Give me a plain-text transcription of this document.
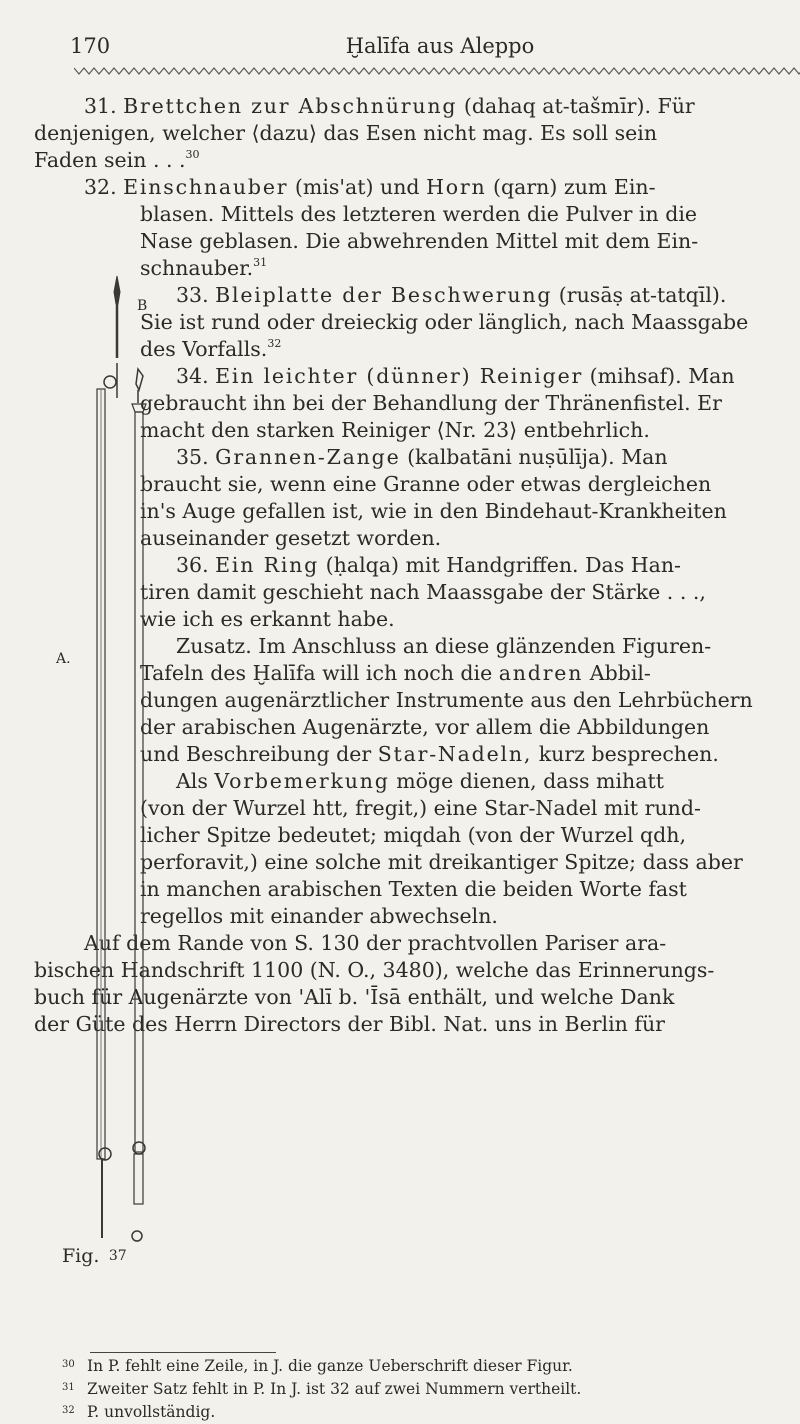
170	Ḫalīfa aus Aleppo

31. Brettchen zur Abschnürung (dahaq at-tašmīr). Für

denjenigen, welcher ⟨dazu⟩ das Esen nicht mag. Es soll sein

Faden sein . . .$^{30}$

32. Einschnauber (mis'at) und Horn (qarn) zum Ein-

blasen. Mittels des letzteren werden die Pulver in die

Nase geblasen. Die abwehrenden Mittel mit dem Ein-

schnauber.$^{31}$

33. Bleiplatte der Beschwerung (rusāṣ at-tatqīl).

Sie ist rund oder dreieckig oder länglich, nach Maassgabe

des Vorfalls.$^{32}$

34. Ein leichter (dünner) Reiniger (mihsaf). Man

gebraucht ihn bei der Behandlung der Thränenfistel. Er

macht den starken Reiniger ⟨Nr. 23⟩ entbehrlich.

35. Grannen-Zange (kalbatāni nuṣūlīja). Man

braucht sie, wenn eine Granne oder etwas dergleichen

in's Auge gefallen ist, wie in den Bindehaut-Krankheiten

auseinander gesetzt worden.

36. Ein Ring (ḥalqa) mit Handgriffen. Das Han-

tiren damit geschieht nach Maassgabe der Stärke . . .,

wie ich es erkannt habe.

Zusatz. Im Anschluss an diese glänzenden Figuren-

Tafeln des Ḫalīfa will ich noch die andren Abbil-

dungen augenärztlicher Instrumente aus den Lehrbüchern

der arabischen Augenärzte, vor allem die Abbildungen

und Beschreibung der Star-Nadeln, kurz besprechen.

Als Vorbemerkung möge dienen, dass mihatt

(von der Wurzel htt, fregit,) eine Star-Nadel mit rund-

licher Spitze bedeutet; miqdah (von der Wurzel qdh,

perforavit,) eine solche mit dreikantiger Spitze; dass aber

in manchen arabischen Texten die beiden Worte fast

regellos mit einander abwechseln.

Auf dem Rande von S. 130 der prachtvollen Pariser ara-

bischen Handschrift 1100 (N. O., 3480), welche das Erinnerungs-

buch für Augenärzte von 'Alī b. 'Īsā enthält, und welche Dank

der Güte des Herrn Directors der Bibl. Nat. uns in Berlin für

A.
B
Fig. 37

30 In P. fehlt eine Zeile, in J. die ganze Ueberschrift dieser Figur.

31 Zweiter Satz fehlt in P. In J. ist 32 auf zwei Nummern vertheilt.

32 P. unvollständig.
